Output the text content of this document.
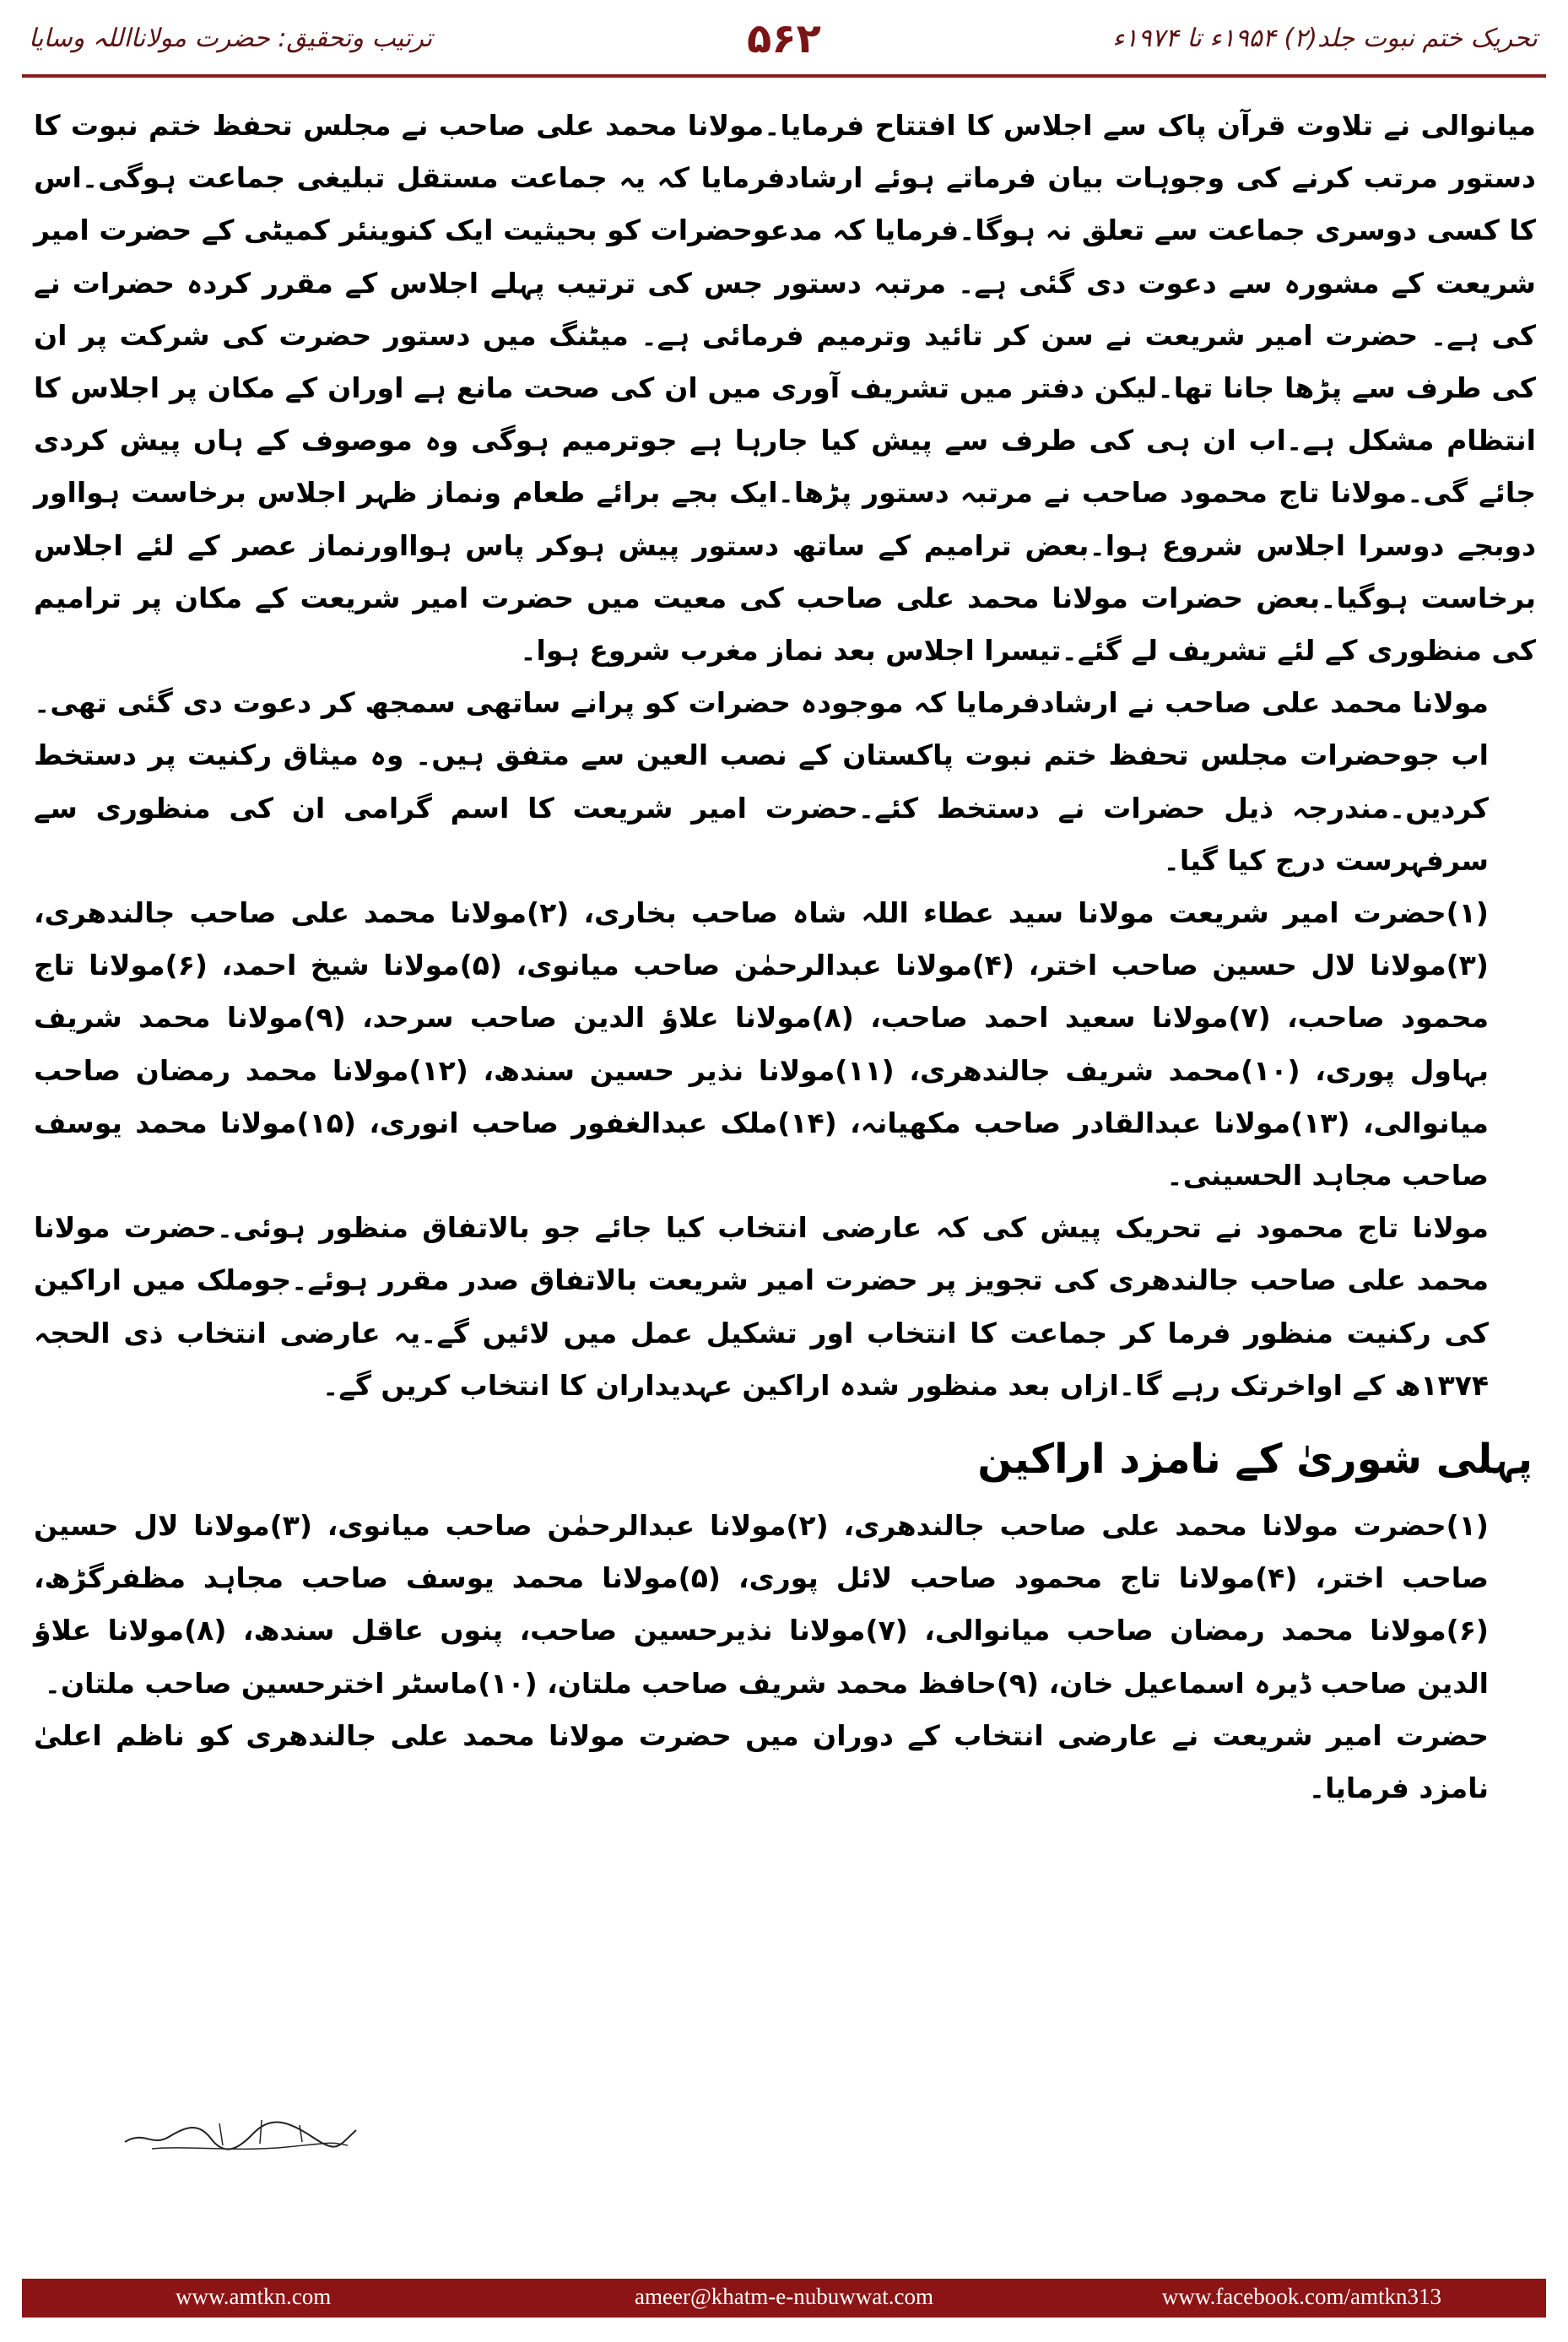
تحریک ختم نبوت جلد(۲) ۱۹۵۴ء تا ۱۹۷۴ء
۵۶۲
ترتیب وتحقیق: حضرت مولانااللہ وسایا

میانوالی نے تلاوت قرآن پاک سے اجلاس کا افتتاح فرمایا۔مولانا محمد علی صاحب نے مجلس تحفظ ختم نبوت کا دستور مرتب کرنے کی وجوہات بیان فرماتے ہوئے ارشادفرمایا کہ یہ جماعت مستقل تبلیغی جماعت ہوگی۔اس کا کسی دوسری جماعت سے تعلق نہ ہوگا۔فرمایا کہ مدعوحضرات کو بحیثیت ایک کنوینئر کمیٹی کے حضرت امیر شریعت کے مشورہ سے دعوت دی گئی ہے۔ مرتبہ دستور جس کی ترتیب پہلے اجلاس کے مقرر کردہ حضرات نے کی ہے۔ حضرت امیر شریعت نے سن کر تائید وترمیم فرمائی ہے۔ میٹنگ میں دستور حضرت کی شرکت پر ان کی طرف سے پڑھا جانا تھا۔لیکن دفتر میں تشریف آوری میں ان کی صحت مانع ہے اوران کے مکان پر اجلاس کا انتظام مشکل ہے۔اب ان ہی کی طرف سے پیش کیا جارہا ہے جوترمیم ہوگی وہ موصوف کے ہاں پیش کردی جائے گی۔مولانا تاج محمود صاحب نے مرتبہ دستور پڑھا۔ایک بجے برائے طعام ونماز ظہر اجلاس برخاست ہوااور دوبجے دوسرا اجلاس شروع ہوا۔بعض ترامیم کے ساتھ دستور پیش ہوکر پاس ہوااورنماز عصر کے لئے اجلاس برخاست ہوگیا۔بعض حضرات مولانا محمد علی صاحب کی معیت میں حضرت امیر شریعت کے مکان پر ترامیم کی منظوری کے لئے تشریف لے گئے۔تیسرا اجلاس بعد نماز مغرب شروع ہوا۔

مولانا محمد علی صاحب نے ارشادفرمایا کہ موجودہ حضرات کو پرانے ساتھی سمجھ کر دعوت دی گئی تھی۔اب جوحضرات مجلس تحفظ ختم نبوت پاکستان کے نصب العین سے متفق ہیں۔ وہ میثاق رکنیت پر دستخط کردیں۔مندرجہ ذیل حضرات نے دستخط کئے۔حضرت امیر شریعت کا اسم گرامی ان کی منظوری سے سرفہرست درج کیا گیا۔

(۱)حضرت امیر شریعت مولانا سید عطاء اللہ شاہ صاحب بخاری، (۲)مولانا محمد علی صاحب جالندھری، (۳)مولانا لال حسین صاحب اختر، (۴)مولانا عبدالرحمٰن صاحب میانوی، (۵)مولانا شیخ احمد، (۶)مولانا تاج محمود صاحب، (۷)مولانا سعید احمد صاحب، (۸)مولانا علاؤ الدین صاحب سرحد، (۹)مولانا محمد شریف بہاول پوری، (۱۰)محمد شریف جالندھری، (۱۱)مولانا نذیر حسین سندھ، (۱۲)مولانا محمد رمضان صاحب میانوالی، (۱۳)مولانا عبدالقادر صاحب مکھیانہ، (۱۴)ملک عبدالغفور صاحب انوری، (۱۵)مولانا محمد یوسف صاحب مجاہد الحسینی۔

مولانا تاج محمود نے تحریک پیش کی کہ عارضی انتخاب کیا جائے جو بالاتفاق منظور ہوئی۔حضرت مولانا محمد علی صاحب جالندھری کی تجویز پر حضرت امیر شریعت بالاتفاق صدر مقرر ہوئے۔جوملک میں اراکین کی رکنیت منظور فرما کر جماعت کا انتخاب اور تشکیل عمل میں لائیں گے۔یہ عارضی انتخاب ذی الحجہ ۱۳۷۴ھ کے اواخرتک رہے گا۔ازاں بعد منظور شدہ اراکین عہدیداران کا انتخاب کریں گے۔

پہلی شوریٰ کے نامزد اراکین

(۱)حضرت مولانا محمد علی صاحب جالندھری، (۲)مولانا عبدالرحمٰن صاحب میانوی، (۳)مولانا لال حسین صاحب اختر، (۴)مولانا تاج محمود صاحب لائل پوری، (۵)مولانا محمد یوسف صاحب مجاہد مظفرگڑھ، (۶)مولانا محمد رمضان صاحب میانوالی، (۷)مولانا نذیرحسین صاحب، پنوں عاقل سندھ، (۸)مولانا علاؤ الدین صاحب ڈیرہ اسماعیل خان، (۹)حافظ محمد شریف صاحب ملتان، (۱۰)ماسٹر اخترحسین صاحب ملتان۔

حضرت امیر شریعت نے عارضی انتخاب کے دوران میں حضرت مولانا محمد علی جالندھری کو ناظم اعلیٰ نامزد فرمایا۔

www.amtkn.com	ameer@khatm-e-nubuwwat.com	www.facebook.com/amtkn313
